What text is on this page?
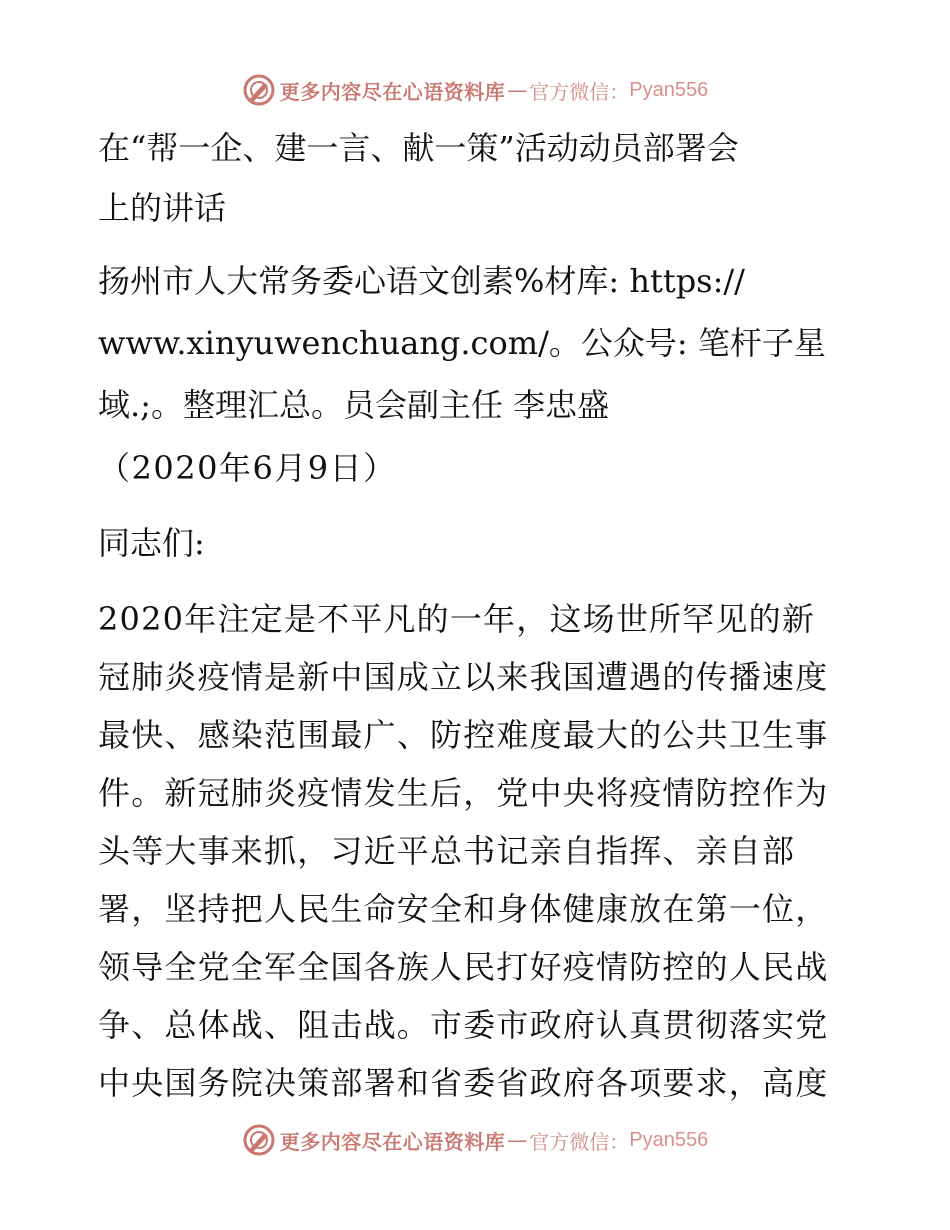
更多内容尽在心语资料库 — 官方微信： Pyan556
在“帮一企、建一言、献一策”活动动员部署会
上的讲话
扬州市人大常务委心语文创素%材库: https://
www.xinyuwenchuang.com/。公众号: 笔杆子星
域.;。整理汇总。员会副主任 李忠盛
（2020年6月9日）
同志们:
2020年注定是不平凡的一年，这场世所罕见的新
冠肺炎疫情是新中国成立以来我国遭遇的传播速度
最快、感染范围最广、防控难度最大的公共卫生事
件。新冠肺炎疫情发生后，党中央将疫情防控作为
头等大事来抓，习近平总书记亲自指挥、亲自部
署，坚持把人民生命安全和身体健康放在第一位，
领导全党全军全国各族人民打好疫情防控的人民战
争、总体战、阻击战。市委市政府认真贯彻落实党
中央国务院决策部署和省委省政府各项要求，高度
更多内容尽在心语资料库 — 官方微信： Pyan556
